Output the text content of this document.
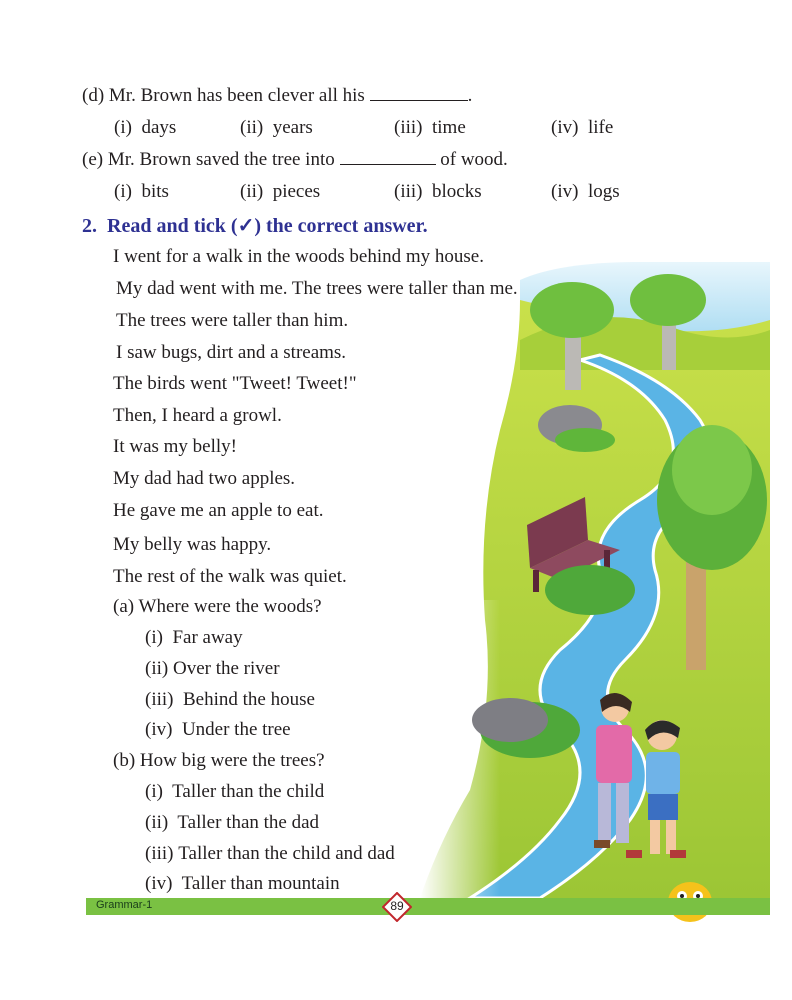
(d) Mr. Brown has been clever all his	.
(i) days	(ii) years	(iii) time	(iv) life
(e) Mr. Brown saved the tree into	of wood.
(i) bits	(ii) pieces	(iii) blocks	(iv) logs
2. Read and tick (✓) the correct answer.
I went for a walk in the woods behind my house.
My dad went with me. The trees were taller than me.
The trees were taller than him.
I saw bugs, dirt and a streams.
The birds went "Tweet! Tweet!"
Then, I heard a growl.
It was my belly!
My dad had two apples.
He gave me an apple to eat.
My belly was happy.
The rest of the walk was quiet.
(a) Where were the woods?
(i) Far away
(ii) Over the river
(iii) Behind the house
(iv) Under the tree
(b) How big were the trees?
(i) Taller than the child
(ii) Taller than the dad
(iii) Taller than the child and dad
(iv) Taller than mountain
Grammar-1	89
